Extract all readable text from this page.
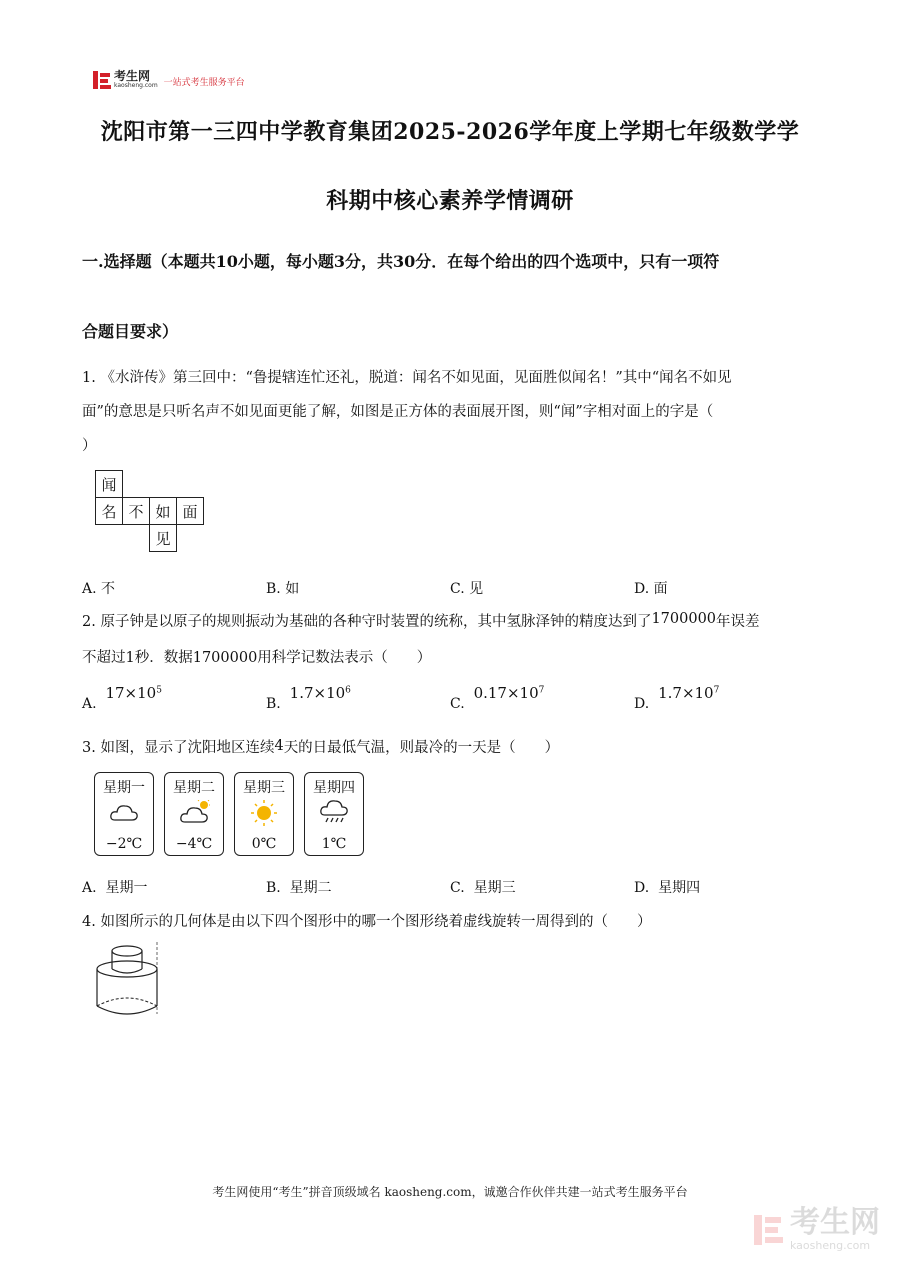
考生网
kaosheng.com 一站式考生服务平台
沈阳市第一三四中学教育集团2025-2026学年度上学期七年级数学学
科期中核心素养学情调研
一.选择题（本题共10小题，每小题3分，共30分．在每个给出的四个选项中，只有一项符
合题目要求）
1. 《水浒传》第三回中：“鲁提辖连忙还礼，脱道：闻名不如见面，见面胜似闻名！”其中“闻名不如见
面”的意思是只听名声不如见面更能了解，如图是正方体的表面展开图，则“闻”字相对面上的字是（
）
闻			
名	不	如	面
		见	
A. 不	B. 如	C. 见	D. 面
2. 原子钟是以原子的规则振动为基础的各种守时装置的统称，其中氢脉泽钟的精度达到了1700000年误差
不超过1秒．数据1700000用科学记数法表示（　　）
A.  $17\times 10^5$
B.  $1.7\times 10^6$
C.  $0.17\times 10^7$
D.  $1.7\times 10^7$
3. 如图，显示了沈阳地区连续4天的日最低气温，则最冷的一天是（　　）
星期一
−2℃
星期二
−4℃
星期三
0℃
星期四
1℃
A. 星期一	B. 星期二	C. 星期三	D. 星期四
4. 如图所示的几何体是由以下四个图形中的哪一个图形绕着虚线旋转一周得到的（　　）
考生网使用“考生”拼音顶级域名 kaosheng.com，诚邀合作伙伴共建一站式考生服务平台
考生网
kaosheng.com
